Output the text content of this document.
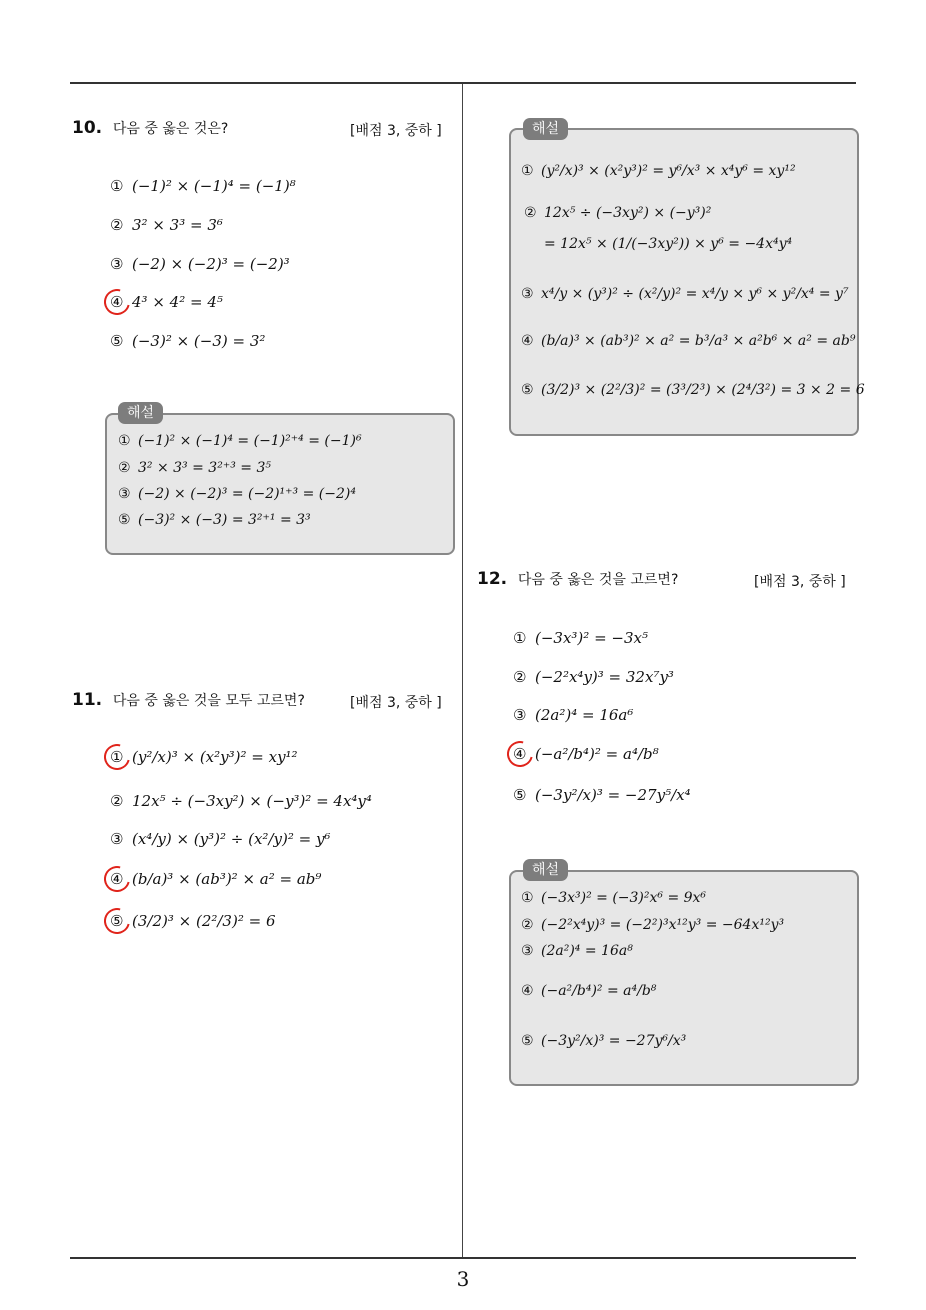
3
10. 다음 중 옳은 것은?	[배점 3, 중하 ]
① (−1)² × (−1)⁴ = (−1)⁸
② 3² × 3³ = 3⁶
③ (−2) × (−2)³ = (−2)³
④ 4³ × 4² = 4⁵
⑤ (−3)² × (−3) = 3²
해설
① (−1)² × (−1)⁴ = (−1)²⁺⁴ = (−1)⁶
② 3² × 3³ = 3²⁺³ = 3⁵
③ (−2) × (−2)³ = (−2)¹⁺³ = (−2)⁴
⑤ (−3)² × (−3) = 3²⁺¹ = 3³
11. 다음 중 옳은 것을 모두 고르면?	[배점 3, 중하 ]
① (y²/x)³ × (x²y³)² = xy¹²
② 12x⁵ ÷ (−3xy²) × (−y³)² = 4x⁴y⁴
③ (x⁴/y) × (y³)² ÷ (x²/y)² = y⁶
④ (b/a)³ × (ab³)² × a² = ab⁹
⑤ (3/2)³ × (2²/3)² = 6
해설
① (y²/x)³ × (x²y³)² = y⁶/x³ × x⁴y⁶ = xy¹²
② 12x⁵ ÷ (−3xy²) × (−y³)²
= 12x⁵ × (1/(−3xy²)) × y⁶ = −4x⁴y⁴
③ x⁴/y × (y³)² ÷ (x²/y)² = x⁴/y × y⁶ × y²/x⁴ = y⁷
④ (b/a)³ × (ab³)² × a² = b³/a³ × a²b⁶ × a² = ab⁹
⑤ (3/2)³ × (2²/3)² = (3³/2³) × (2⁴/3²) = 3 × 2 = 6
12. 다음 중 옳은 것을 고르면?	[배점 3, 중하 ]
① (−3x³)² = −3x⁵
② (−2²x⁴y)³ = 32x⁷y³
③ (2a²)⁴ = 16a⁶
④ (−a²/b⁴)² = a⁴/b⁸
⑤ (−3y²/x)³ = −27y⁵/x⁴
해설
① (−3x³)² = (−3)²x⁶ = 9x⁶
② (−2²x⁴y)³ = (−2²)³x¹²y³ = −64x¹²y³
③ (2a²)⁴ = 16a⁸
④ (−a²/b⁴)² = a⁴/b⁸
⑤ (−3y²/x)³ = −27y⁶/x³
